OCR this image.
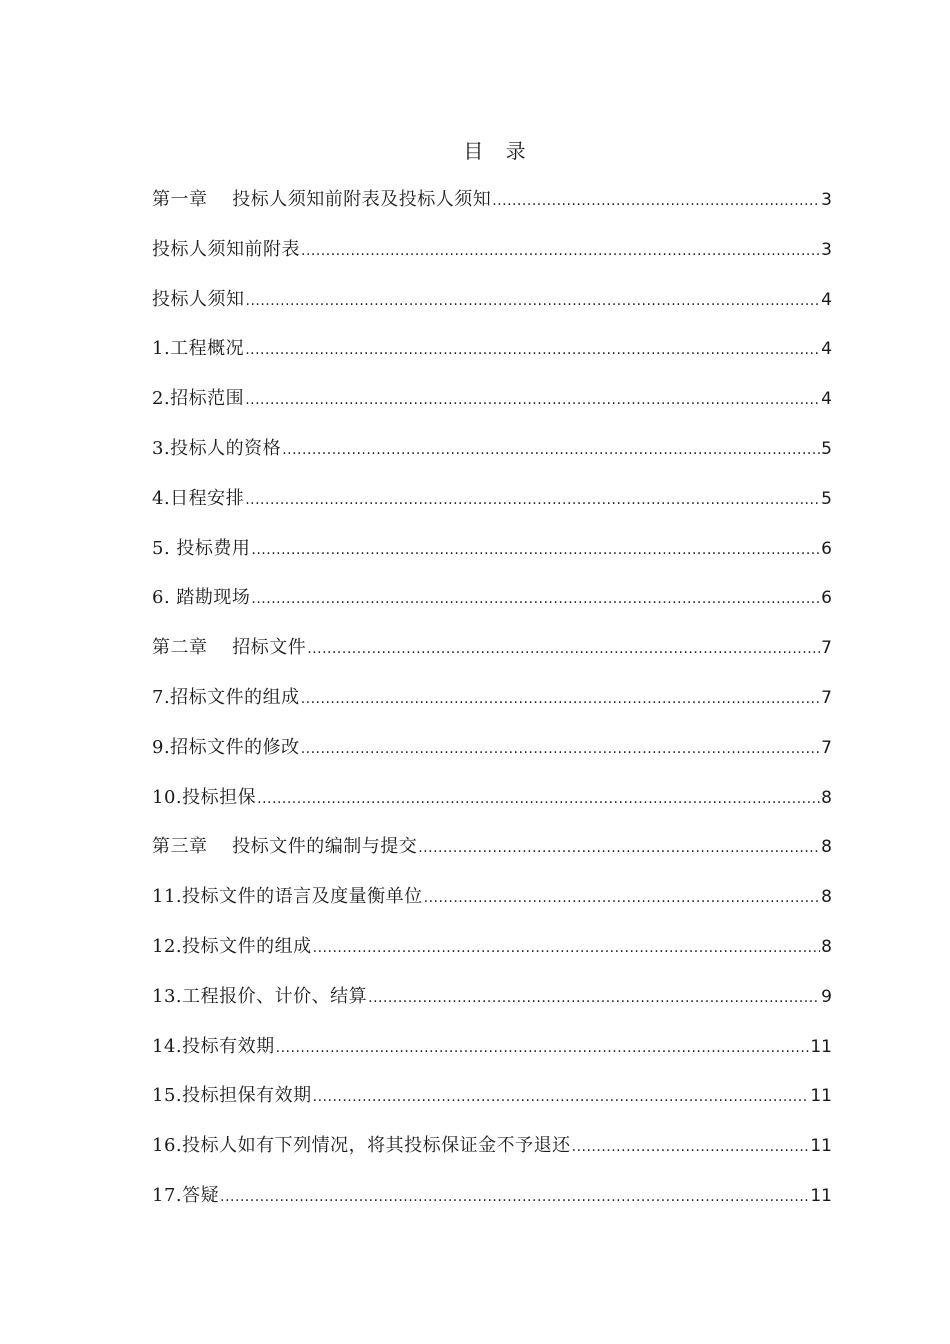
目 录
第一章　 投标人须知前附表及投标人须知 .....	3
投标人须知前附表 .....	3
投标人须知 .....	4
1.工程概况 .....	4
2.招标范围 .....	4
3.投标人的资格 .....	5
4.日程安排 .....	5
5. 投标费用 .....	6
6. 踏勘现场 .....	6
第二章　 招标文件 .....	7
7.招标文件的组成 .....	7
9.招标文件的修改 .....	7
10.投标担保 .....	8
第三章　 投标文件的编制与提交 .....	8
11.投标文件的语言及度量衡单位 .....	8
12.投标文件的组成 .....	8
13.工程报价、计价、结算 .....	9
14.投标有效期 .....	11
15.投标担保有效期 .....	11
16.投标人如有下列情况，将其投标保证金不予退还 .....	11
17.答疑 .....	11
